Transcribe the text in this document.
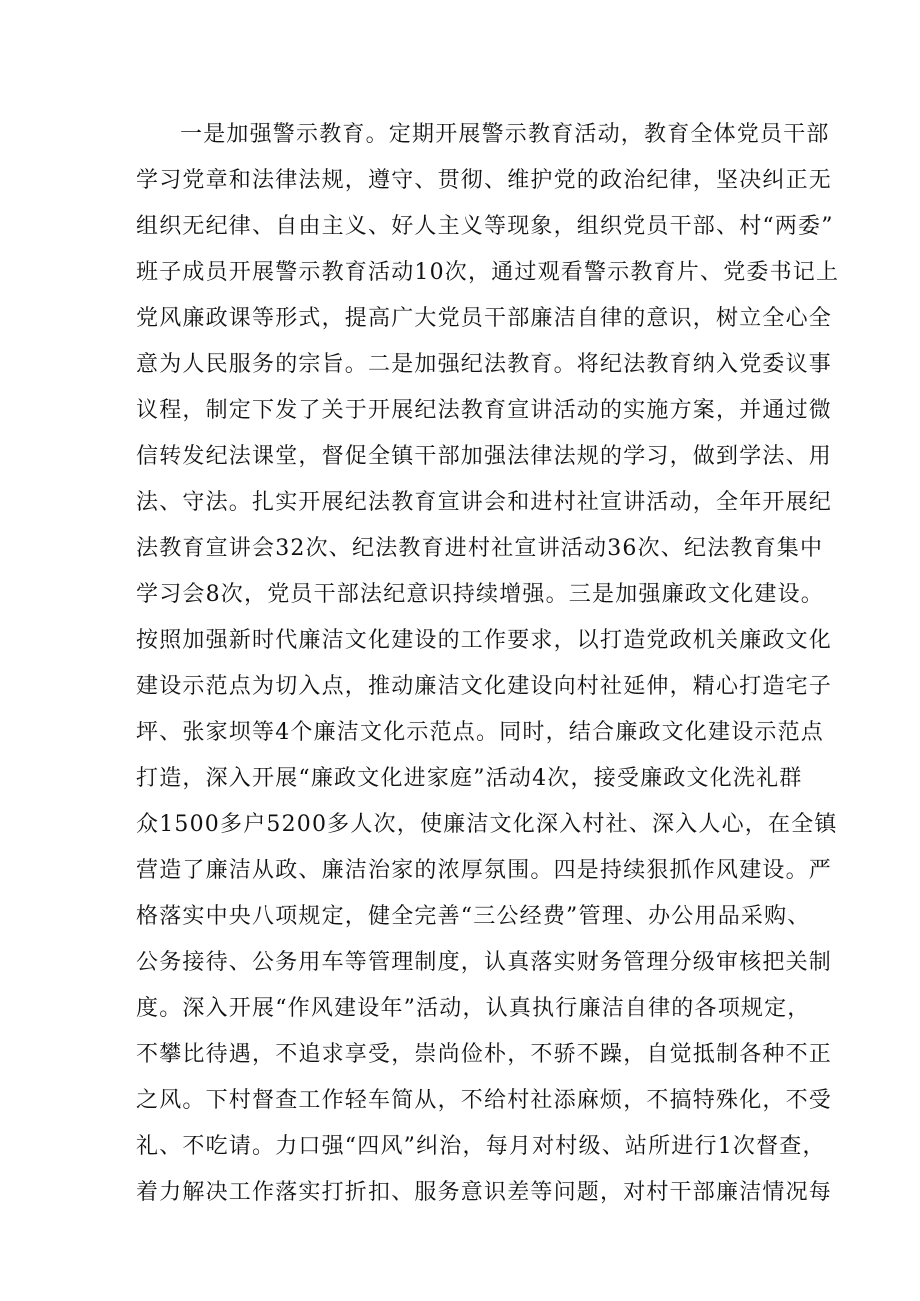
一是加强警示教育。定期开展警示教育活动，教育全体党员干部
学习党章和法律法规，遵守、贯彻、维护党的政治纪律，坚决纠正无
组织无纪律、自由主义、好人主义等现象，组织党员干部、村“两委”
班子成员开展警示教育活动10次，通过观看警示教育片、党委书记上
党风廉政课等形式，提高广大党员干部廉洁自律的意识，树立全心全
意为人民服务的宗旨。二是加强纪法教育。将纪法教育纳入党委议事
议程，制定下发了关于开展纪法教育宣讲活动的实施方案，并通过微
信转发纪法课堂，督促全镇干部加强法律法规的学习，做到学法、用
法、守法。扎实开展纪法教育宣讲会和进村社宣讲活动，全年开展纪
法教育宣讲会32次、纪法教育进村社宣讲活动36次、纪法教育集中
学习会8次，党员干部法纪意识持续增强。三是加强廉政文化建设。
按照加强新时代廉洁文化建设的工作要求，以打造党政机关廉政文化
建设示范点为切入点，推动廉洁文化建设向村社延伸，精心打造宅子
坪、张家坝等4个廉洁文化示范点。同时，结合廉政文化建设示范点
打造，深入开展“廉政文化进家庭”活动4次，接受廉政文化洗礼群
众1500多户5200多人次，使廉洁文化深入村社、深入人心，在全镇
营造了廉洁从政、廉洁治家的浓厚氛围。四是持续狠抓作风建设。严
格落实中央八项规定，健全完善“三公经费”管理、办公用品采购、
公务接待、公务用车等管理制度，认真落实财务管理分级审核把关制
度。深入开展“作风建设年”活动，认真执行廉洁自律的各项规定，
不攀比待遇，不追求享受，崇尚俭朴，不骄不躁，自觉抵制各种不正
之风。下村督查工作轻车简从，不给村社添麻烦，不搞特殊化，不受
礼、不吃请。力口强“四风”纠治，每月对村级、站所进行1次督查，
着力解决工作落实打折扣、服务意识差等问题，对村干部廉洁情况每
